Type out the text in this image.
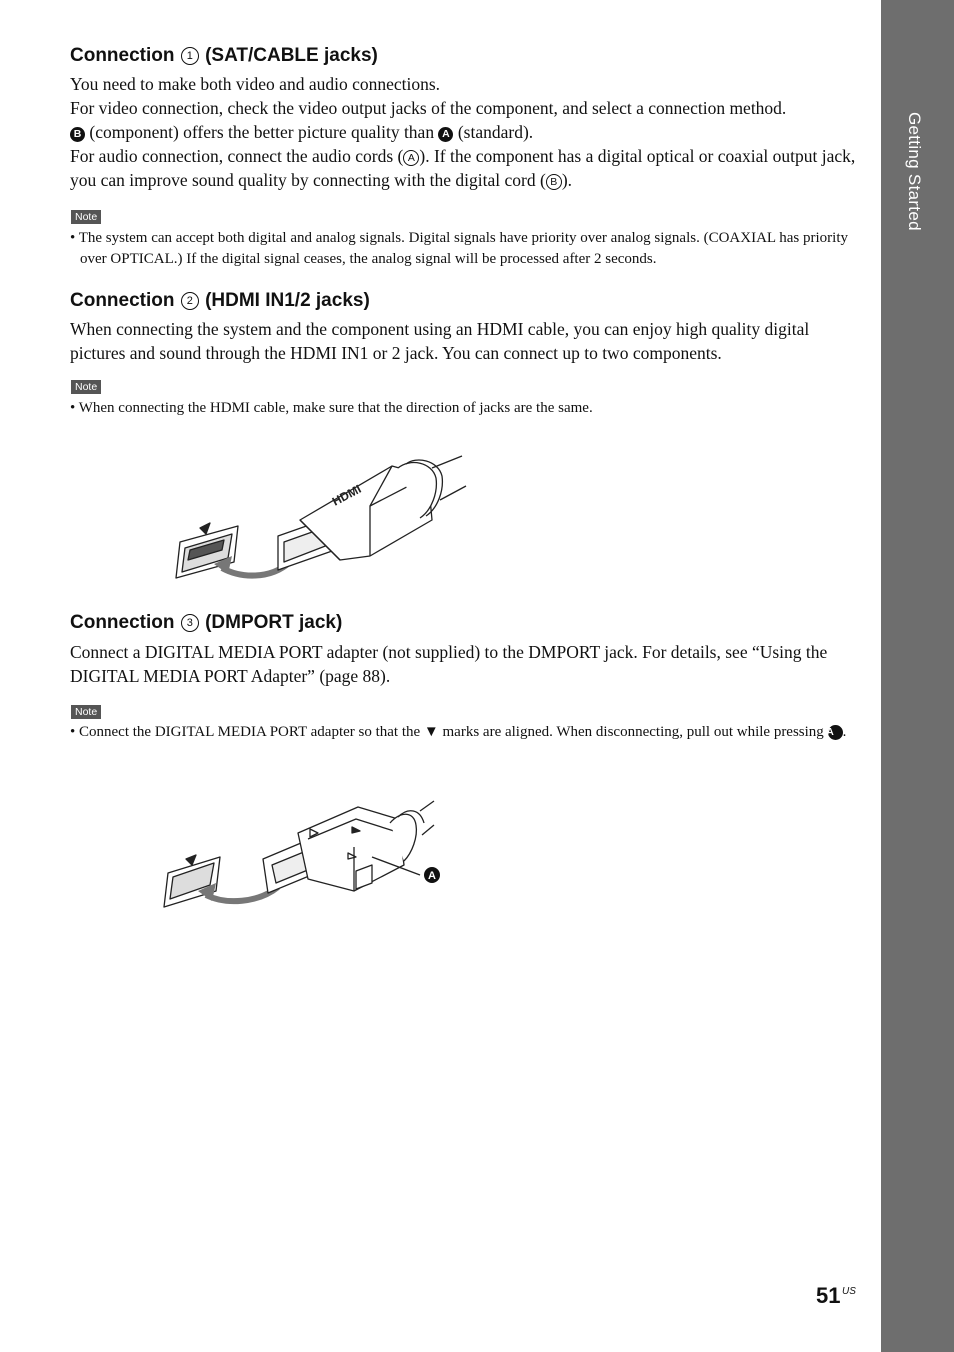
Getting Started
Connection 1 (SAT/CABLE jacks)
You need to make both video and audio connections.
For video connection, check the video output jacks of the component, and select a connection method.
B (component) offers the better picture quality than A (standard).
For audio connection, connect the audio cords ( A ). If the component has a digital optical or coaxial output jack, you can improve sound quality by connecting with the digital cord ( B ).
Note
• The system can accept both digital and analog signals. Digital signals have priority over analog signals. (COAXIAL has priority over OPTICAL.) If the digital signal ceases, the analog signal will be processed after 2 seconds.
Connection 2 (HDMI IN1/2 jacks)
When connecting the system and the component using an HDMI cable, you can enjoy high quality digital pictures and sound through the HDMI IN1 or 2 jack. You can connect up to two components.
Note
• When connecting the HDMI cable, make sure that the direction of jacks are the same.
Connection 3 (DMPORT jack)
Connect a DIGITAL MEDIA PORT adapter (not supplied) to the DMPORT jack. For details, see “Using the DIGITAL MEDIA PORT Adapter” (page 88).
Note
• Connect the DIGITAL MEDIA PORT adapter so that the ▼ marks are aligned. When disconnecting, pull out while pressing A .
HDMI
A
51 US
